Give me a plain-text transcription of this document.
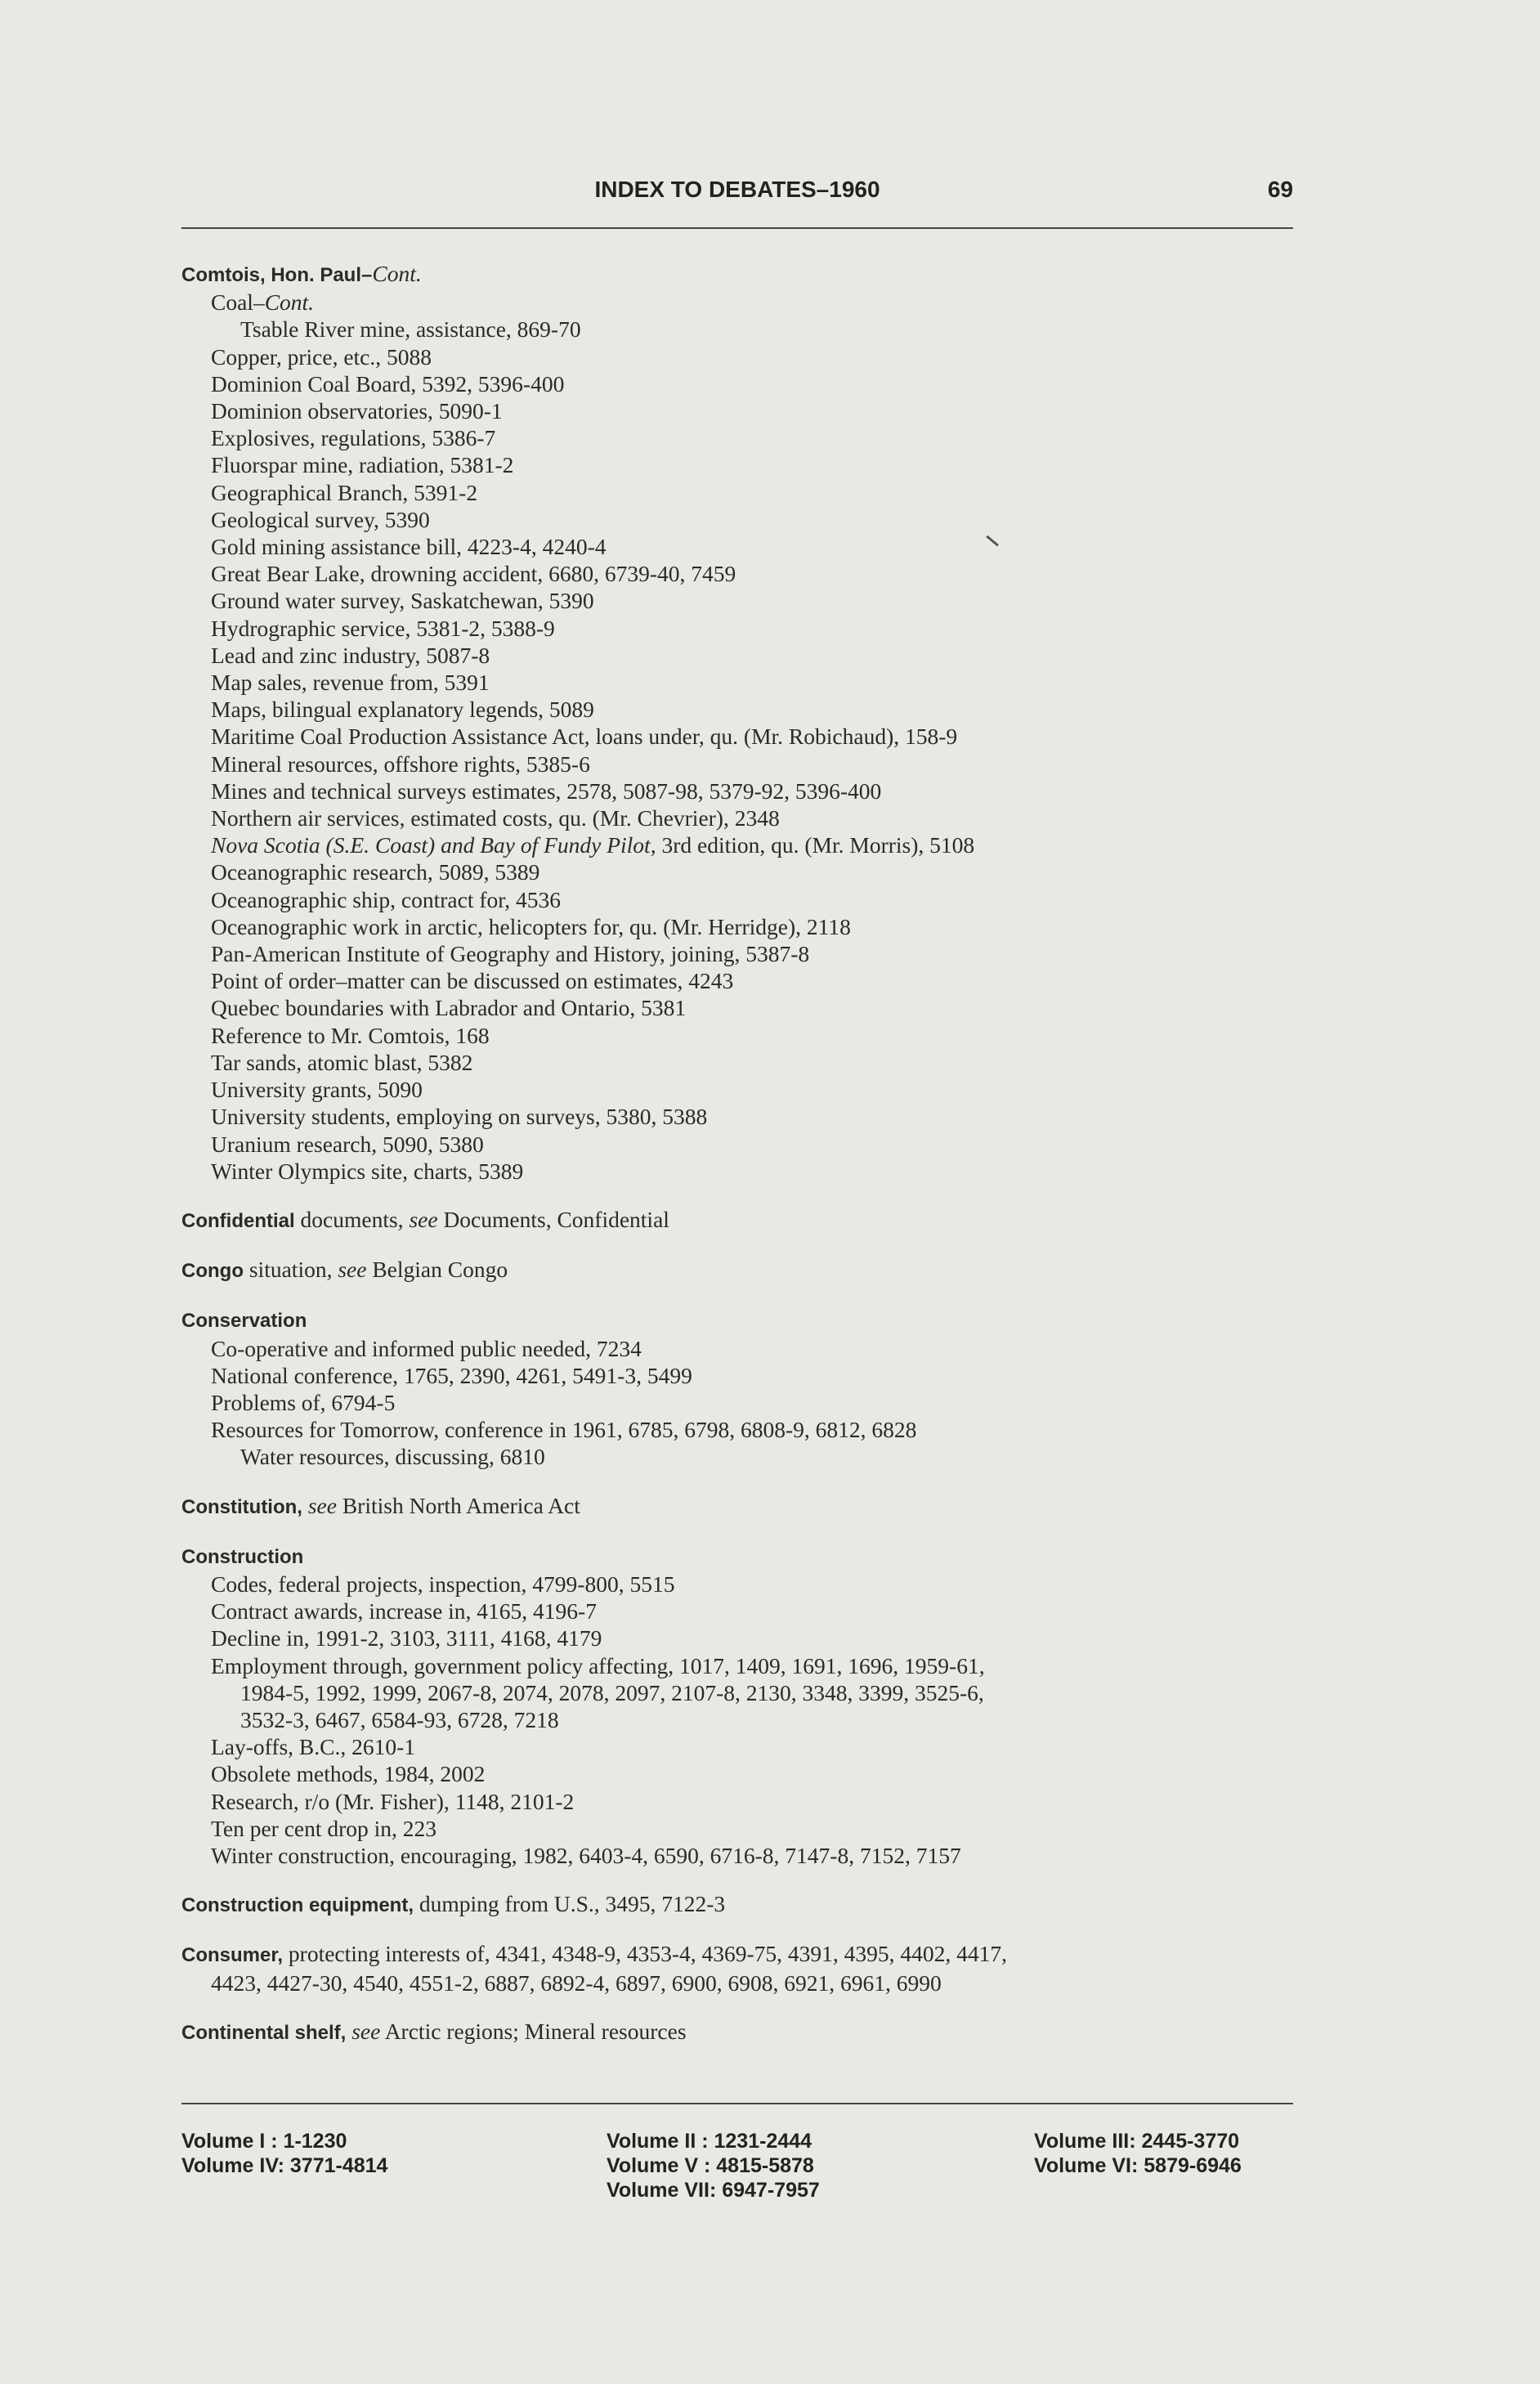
INDEX TO DEBATES–1960	69
Comtois, Hon. Paul–Cont.
Coal–Cont.
Tsable River mine, assistance, 869-70
Copper, price, etc., 5088
Dominion Coal Board, 5392, 5396-400
Dominion observatories, 5090-1
Explosives, regulations, 5386-7
Fluorspar mine, radiation, 5381-2
Geographical Branch, 5391-2
Geological survey, 5390
Gold mining assistance bill, 4223-4, 4240-4
Great Bear Lake, drowning accident, 6680, 6739-40, 7459
Ground water survey, Saskatchewan, 5390
Hydrographic service, 5381-2, 5388-9
Lead and zinc industry, 5087-8
Map sales, revenue from, 5391
Maps, bilingual explanatory legends, 5089
Maritime Coal Production Assistance Act, loans under, qu. (Mr. Robichaud), 158-9
Mineral resources, offshore rights, 5385-6
Mines and technical surveys estimates, 2578, 5087-98, 5379-92, 5396-400
Northern air services, estimated costs, qu. (Mr. Chevrier), 2348
Nova Scotia (S.E. Coast) and Bay of Fundy Pilot, 3rd edition, qu. (Mr. Morris), 5108
Oceanographic research, 5089, 5389
Oceanographic ship, contract for, 4536
Oceanographic work in arctic, helicopters for, qu. (Mr. Herridge), 2118
Pan-American Institute of Geography and History, joining, 5387-8
Point of order–matter can be discussed on estimates, 4243
Quebec boundaries with Labrador and Ontario, 5381
Reference to Mr. Comtois, 168
Tar sands, atomic blast, 5382
University grants, 5090
University students, employing on surveys, 5380, 5388
Uranium research, 5090, 5380
Winter Olympics site, charts, 5389
Confidential documents, see Documents, Confidential
Congo situation, see Belgian Congo
Conservation
Co-operative and informed public needed, 7234
National conference, 1765, 2390, 4261, 5491-3, 5499
Problems of, 6794-5
Resources for Tomorrow, conference in 1961, 6785, 6798, 6808-9, 6812, 6828
Water resources, discussing, 6810
Constitution, see British North America Act
Construction
Codes, federal projects, inspection, 4799-800, 5515
Contract awards, increase in, 4165, 4196-7
Decline in, 1991-2, 3103, 3111, 4168, 4179
Employment through, government policy affecting, 1017, 1409, 1691, 1696, 1959-61,
1984-5, 1992, 1999, 2067-8, 2074, 2078, 2097, 2107-8, 2130, 3348, 3399, 3525-6,
3532-3, 6467, 6584-93, 6728, 7218
Lay-offs, B.C., 2610-1
Obsolete methods, 1984, 2002
Research, r/o (Mr. Fisher), 1148, 2101-2
Ten per cent drop in, 223
Winter construction, encouraging, 1982, 6403-4, 6590, 6716-8, 7147-8, 7152, 7157
Construction equipment, dumping from U.S., 3495, 7122-3
Consumer, protecting interests of, 4341, 4348-9, 4353-4, 4369-75, 4391, 4395, 4402, 4417,
4423, 4427-30, 4540, 4551-2, 6887, 6892-4, 6897, 6900, 6908, 6921, 6961, 6990
Continental shelf, see Arctic regions; Mineral resources
Volume I : 1-1230
Volume IV: 3771-4814
Volume II : 1231-2444
Volume V : 4815-5878
Volume VII: 6947-7957
Volume III: 2445-3770
Volume VI: 5879-6946
